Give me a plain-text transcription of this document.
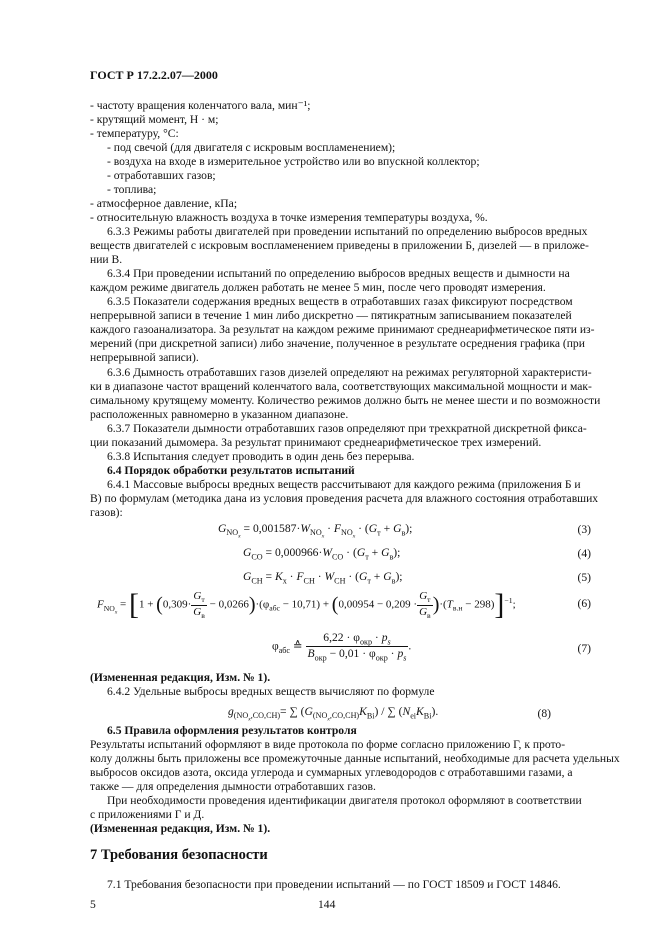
ГОСТ Р 17.2.2.07—2000
- частоту вращения коленчатого вала, мин⁻¹;
- крутящий момент, Н · м;
- температуру, °С:
- под свечой (для двигателя с искровым воспламенением);
- воздуха на входе в измерительное устройство или во впускной коллектор;
- отработавших газов;
- топлива;
- атмосферное давление, кПа;
- относительную влажность воздуха в точке измерения температуры воздуха, %.
6.3.3 Режимы работы двигателей при проведении испытаний по определению выбросов вредных
веществ двигателей с искровым воспламенением приведены в приложении Б, дизелей — в приложе-
нии В.
6.3.4 При проведении испытаний по определению выбросов вредных веществ и дымности на
каждом режиме двигатель должен работать не менее 5 мин, после чего проводят измерения.
6.3.5 Показатели содержания вредных веществ в отработавших газах фиксируют посредством
непрерывной записи в течение 1 мин либо дискретно — пятикратным записыванием показателей
каждого газоанализатора. За результат на каждом режиме принимают среднеарифметическое пяти из-
мерений (при дискретной записи) либо значение, полученное в результате осреднения графика (при
непрерывной записи).
6.3.6 Дымность отработавших газов дизелей определяют на режимах регуляторной характеристи-
ки в диапазоне частот вращений коленчатого вала, соответствующих максимальной мощности и мак-
симальному крутящему моменту. Количество режимов должно быть не менее шести и по возможности
расположенных равномерно в указанном диапазоне.
6.3.7 Показатели дымности отработавших газов определяют при трехкратной дискретной фикса-
ции показаний дымомера. За результат принимают среднеарифметическое трех измерений.
6.3.8 Испытания следует проводить в один день без перерыва.
6.4 Порядок обработки результатов испытаний
6.4.1 Массовые выбросы вредных веществ рассчитывают для каждого режима (приложения Б и
В) по формулам (методика дана из условия проведения расчета для влажного состояния отработавших
газов):
$G_{NO_x} = 0,001587\cdot W_{NO_x} \cdot F_{NO_x} \cdot (G_т + G_в)$;	(3)
$G_{CO} = 0,000966\cdot W_{CO} \cdot (G_т + G_в)$;	(4)
$G_{CH} = K_x \cdot F_{CH} \cdot W_{CH} \cdot (G_т + G_в)$;	(5)
$F_{NO_x} = [1 + (0,309\cdot \frac{G_т}{G_в} - 0,0266)\cdot(\varphi_{абс} - 10,71) + (0,00954 - 0,209 \cdot \frac{G_т}{G_в} )\cdot(T_{в.н} - 298)]^{-1}$;	(6)
$\varphi_{абс}$ ≙ $\frac{6,22 \cdot \varphi_{окр} \cdot p_s}{B_{окр} - 0,01 \cdot \varphi_{окр} \cdot p_s}$ .	(7)
(Измененная редакция, Изм. № 1).
6.4.2 Удельные выбросы вредных веществ вычисляют по формуле
$g_{(NO_x,CO,CH)}=$ ∑ $(G_{(NO_x,CO,CH)}K_{Bi})$ / ∑ $(N_{ei}K_{Bi})$.	(8)
6.5 Правила оформления результатов контроля
Результаты испытаний оформляют в виде протокола по форме согласно приложению Г, к прото-
колу должны быть приложены все промежуточные данные испытаний, необходимые для расчета удельных
выбросов оксидов азота, оксида углерода и суммарных углеводородов с отработавшими газами, а
также — для определения дымности отработавших газов.
При необходимости проведения идентификации двигателя протокол оформляют в соответствии
с приложениями Г и Д.
(Измененная редакция, Изм. № 1).
7 Требования безопасности
7.1 Требования безопасности при проведении испытаний — по ГОСТ 18509 и ГОСТ 14846.
5	144
